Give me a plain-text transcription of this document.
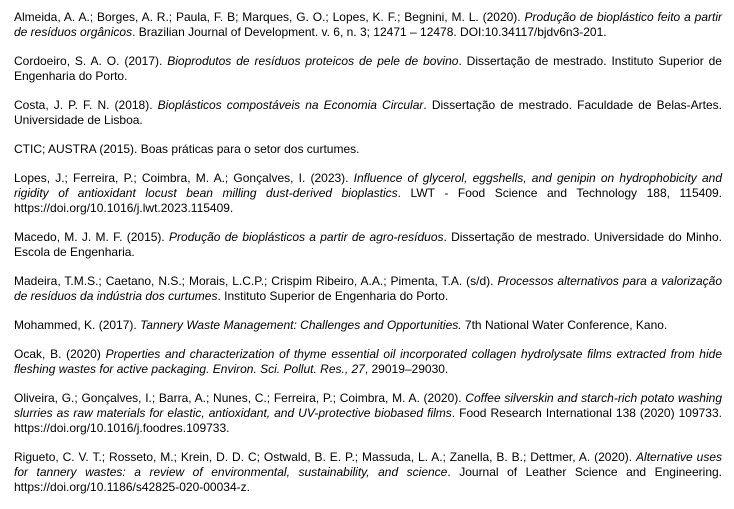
Almeida, A. A.; Borges, A. R.; Paula, F. B; Marques, G. O.; Lopes, K. F.; Begnini, M. L. (2020). Produção de bioplástico feito a partir de resíduos orgânicos. Brazilian Journal of Development. v. 6, n. 3; 12471 – 12478. DOI:10.34117/bjdv6n3-201.

Cordoeiro, S. A. O. (2017). Bioprodutos de resíduos proteicos de pele de bovino. Dissertação de mestrado. Instituto Superior de Engenharia do Porto.

Costa, J. P. F. N. (2018). Bioplásticos compostáveis na Economia Circular. Dissertação de mestrado. Faculdade de Belas-Artes. Universidade de Lisboa.

CTIC; AUSTRA (2015). Boas práticas para o setor dos curtumes.

Lopes, J.; Ferreira, P.; Coimbra, M. A.; Gonçalves, I. (2023). Influence of glycerol, eggshells, and genipin on hydrophobicity and rigidity of antioxidant locust bean milling dust-derived bioplastics. LWT - Food Science and Technology 188, 115409. https://doi.org/10.1016/j.lwt.2023.115409.

Macedo, M. J. M. F. (2015). Produção de bioplásticos a partir de agro-resíduos. Dissertação de mestrado. Universidade do Minho. Escola de Engenharia.

Madeira, T.M.S.; Caetano, N.S.; Morais, L.C.P.; Crispim Ribeiro, A.A.; Pimenta, T.A. (s/d). Processos alternativos para a valorização de resíduos da indústria dos curtumes. Instituto Superior de Engenharia do Porto.

Mohammed, K. (2017). Tannery Waste Management: Challenges and Opportunities. 7th National Water Conference, Kano.

Ocak, B. (2020) Properties and characterization of thyme essential oil incorporated collagen hydrolysate films extracted from hide fleshing wastes for active packaging. Environ. Sci. Pollut. Res., 27, 29019–29030.

Oliveira, G.; Gonçalves, I.; Barra, A.; Nunes, C.; Ferreira, P.; Coimbra, M. A. (2020). Coffee silverskin and starch-rich potato washing slurries as raw materials for elastic, antioxidant, and UV-protective biobased films. Food Research International 138 (2020) 109733. https://doi.org/10.1016/j.foodres.109733.

Rigueto, C. V. T.; Rosseto, M.; Krein, D. D. C; Ostwald, B. E. P.; Massuda, L. A.; Zanella, B. B.; Dettmer, A. (2020). Alternative uses for tannery wastes: a review of environmental, sustainability, and science. Journal of Leather Science and Engineering. https://doi.org/10.1186/s42825-020-00034-z.
